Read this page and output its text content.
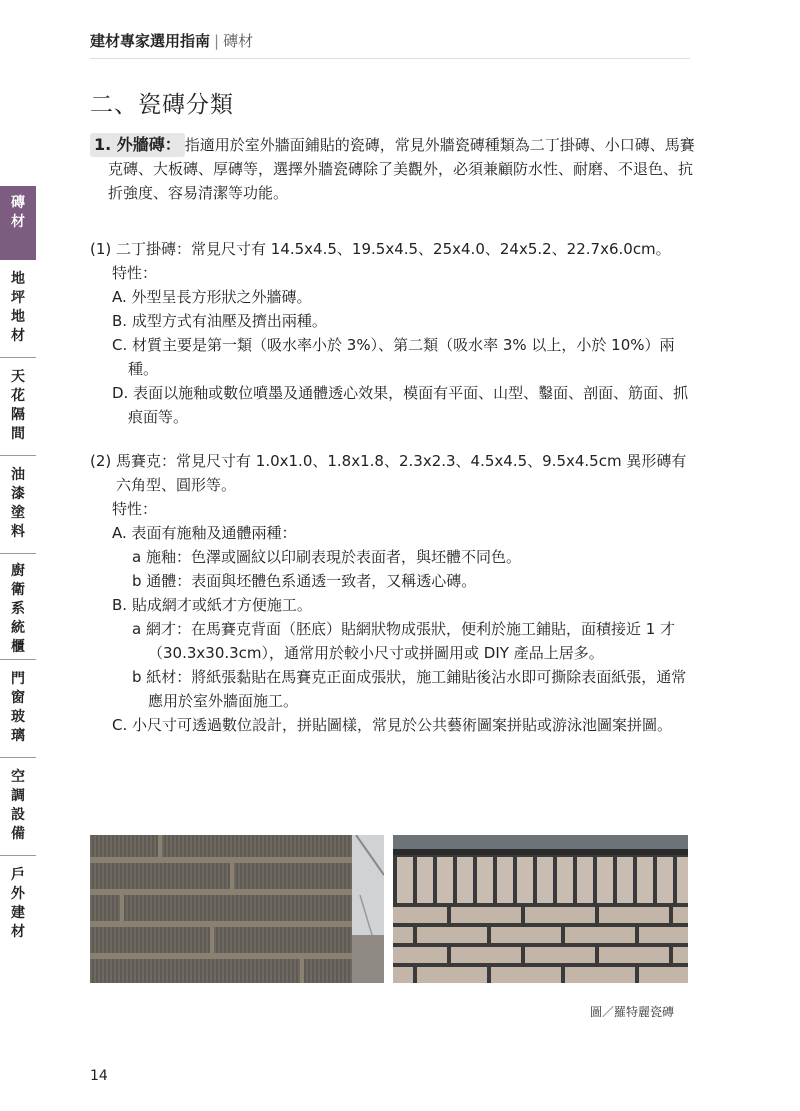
建材專家選用指南 | 磚材
二、瓷磚分類
磚
材
地
坪
地
材
天
花
隔
間
油
漆
塗
料
廚
衛
系
統
櫃
門
窗
玻
璃
空
調
設
備
戶
外
建
材

1. 外牆磚： 指適用於室外牆面鋪貼的瓷磚，常見外牆瓷磚種類為二丁掛磚、小口磚、馬賽克磚、大板磚、厚磚等，選擇外牆瓷磚除了美觀外，必須兼顧防水性、耐磨、不退色、抗折強度、容易清潔等功能。

(1) 二丁掛磚：常見尺寸有 14.5x4.5、19.5x4.5、25x4.0、24x5.2、22.7x6.0cm。

特性：

A. 外型呈長方形狀之外牆磚。

B. 成型方式有油壓及擠出兩種。

C. 材質主要是第一類（吸水率小於 3%）、第二類（吸水率 3% 以上，小於 10%）兩種。

D. 表面以施釉或數位噴墨及通體透心效果，模面有平面、山型、鑿面、剖面、筋面、抓痕面等。

(2) 馬賽克：常見尺寸有 1.0x1.0、1.8x1.8、2.3x2.3、4.5x4.5、9.5x4.5cm 異形磚有六角型、圓形等。

特性：

A. 表面有施釉及通體兩種：

a 施釉：色澤或圖紋以印刷表現於表面者，與坯體不同色。

b 通體：表面與坯體色系通透一致者，又稱透心磚。

B. 貼成網才或紙才方便施工。

a 網才：在馬賽克背面（胚底）貼網狀物成張狀，便利於施工鋪貼，面積接近 1 才（30.3x30.3cm），通常用於較小尺寸或拼圖用或 DIY 產品上居多。

b 紙材：將紙張黏貼在馬賽克正面成張狀，施工鋪貼後沾水即可撕除表面紙張，通常應用於室外牆面施工。

C. 小尺寸可透過數位設計，拼貼圖樣，常見於公共藝術圖案拼貼或游泳池圖案拼圖。

圖／羅特麗瓷磚
14
